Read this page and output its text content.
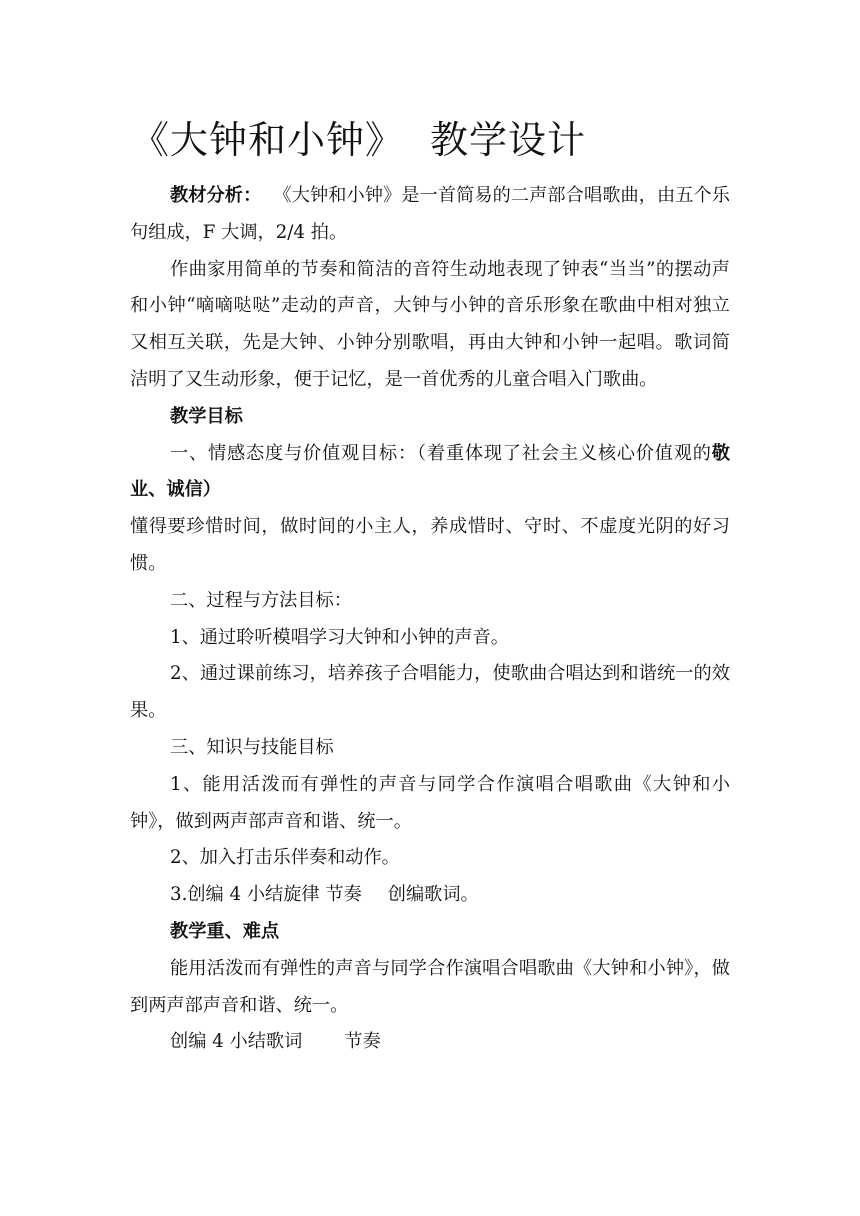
《大钟和小钟》 教学设计

教材分析： 《大钟和小钟》是一首简易的二声部合唱歌曲，由五个乐句组成，F 大调，2/4 拍。

作曲家用简单的节奏和简洁的音符生动地表现了钟表“当当”的摆动声和小钟“嘀嘀哒哒”走动的声音，大钟与小钟的音乐形象在歌曲中相对独立又相互关联，先是大钟、小钟分别歌唱，再由大钟和小钟一起唱。歌词简洁明了又生动形象，便于记忆，是一首优秀的儿童合唱入门歌曲。

教学目标

一、情感态度与价值观目标：（着重体现了社会主义核心价值观的敬业、诚信）

懂得要珍惜时间，做时间的小主人，养成惜时、守时、不虚度光阴的好习惯。

二、过程与方法目标：

1、通过聆听模唱学习大钟和小钟的声音。

2、通过课前练习，培养孩子合唱能力，使歌曲合唱达到和谐统一的效果。

三、知识与技能目标

1、能用活泼而有弹性的声音与同学合作演唱合唱歌曲《大钟和小钟》，做到两声部声音和谐、统一。

2、加入打击乐伴奏和动作。

3.创编 4 小结旋律 节奏 创编歌词。

教学重、难点

能用活泼而有弹性的声音与同学合作演唱合唱歌曲《大钟和小钟》，做到两声部声音和谐、统一。

创编 4 小结歌词 节奏
